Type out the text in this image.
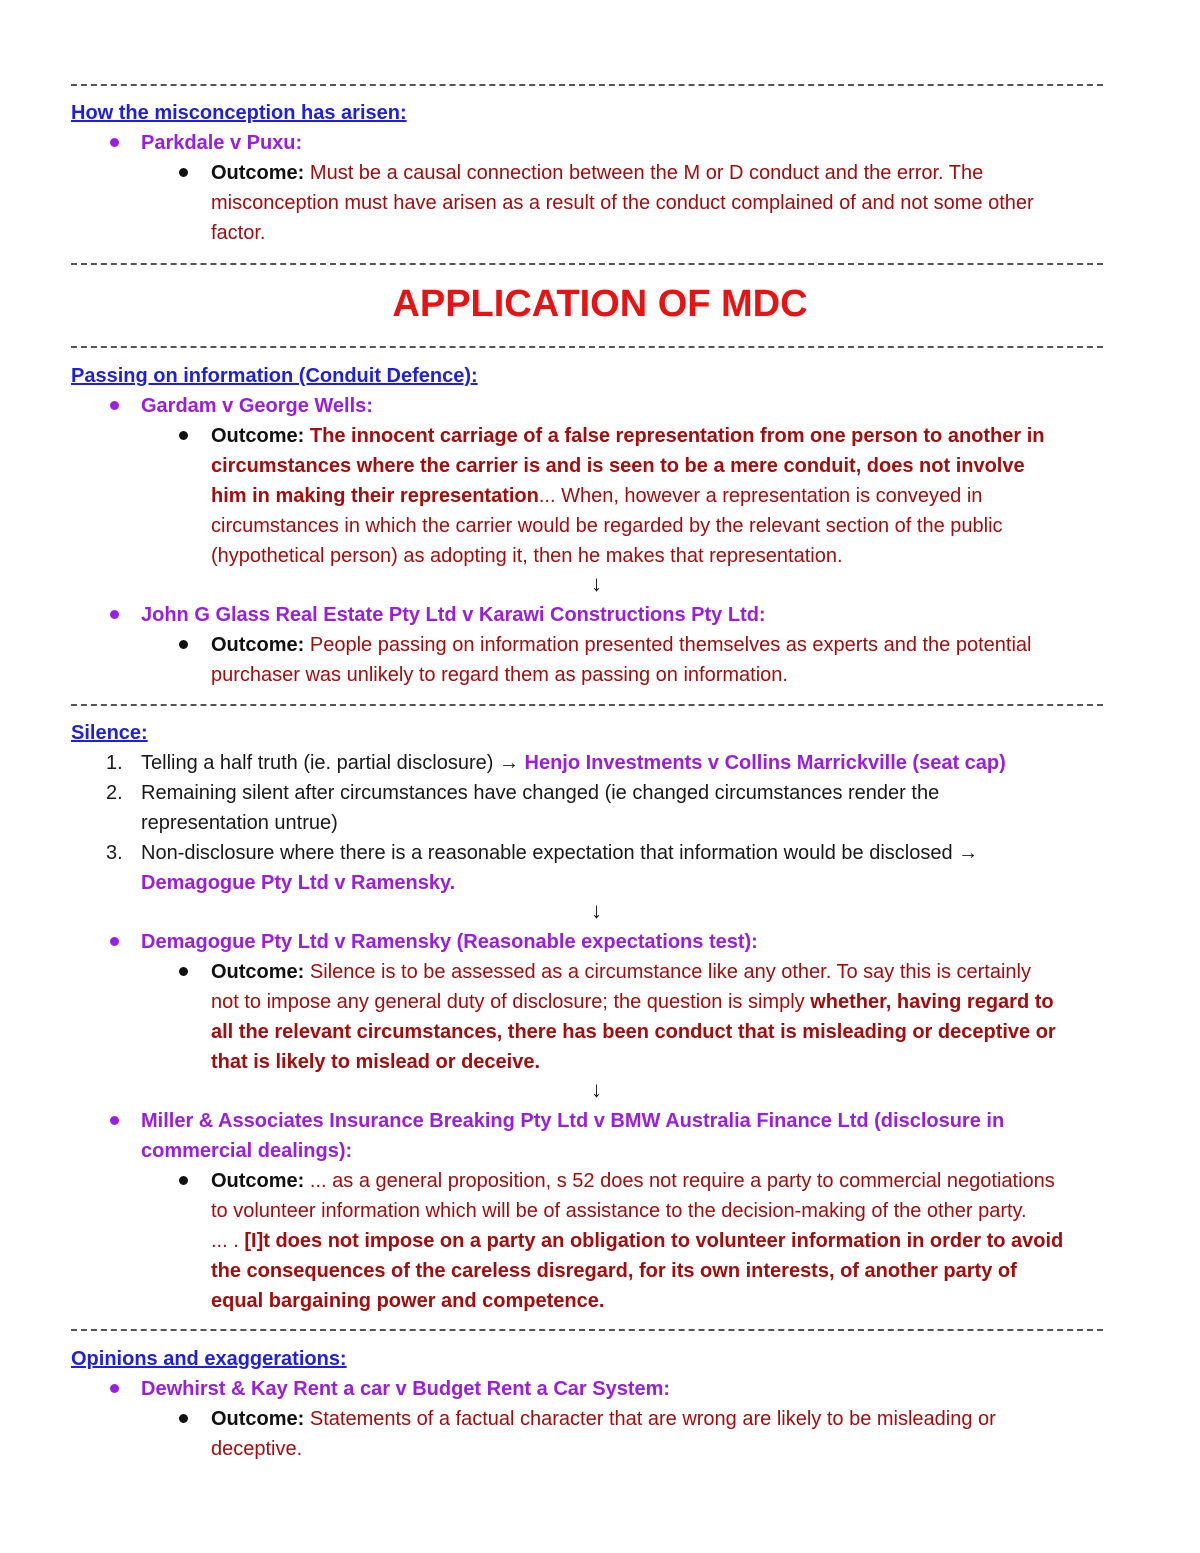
How the misconception has arisen:
Parkdale v Puxu:
Outcome: Must be a causal connection between the M or D conduct and the error. The
misconception must have arisen as a result of the conduct complained of and not some other
factor.
APPLICATION OF MDC
Passing on information (Conduit Defence):
Gardam v George Wells:
Outcome: The innocent carriage of a false representation from one person to another in
circumstances where the carrier is and is seen to be a mere conduit, does not involve
him in making their representation... When, however a representation is conveyed in
circumstances in which the carrier would be regarded by the relevant section of the public
(hypothetical person) as adopting it, then he makes that representation.
↓
John G Glass Real Estate Pty Ltd v Karawi Constructions Pty Ltd:
Outcome: People passing on information presented themselves as experts and the potential
purchaser was unlikely to regard them as passing on information.
Silence:
1. Telling a half truth (ie. partial disclosure) → Henjo Investments v Collins Marrickville (seat cap)
2. Remaining silent after circumstances have changed (ie changed circumstances render the
representation untrue)
3. Non-disclosure where there is a reasonable expectation that information would be disclosed →
Demagogue Pty Ltd v Ramensky.
↓
Demagogue Pty Ltd v Ramensky (Reasonable expectations test):
Outcome: Silence is to be assessed as a circumstance like any other. To say this is certainly
not to impose any general duty of disclosure; the question is simply whether, having regard to
all the relevant circumstances, there has been conduct that is misleading or deceptive or
that is likely to mislead or deceive.
↓
Miller & Associates Insurance Breaking Pty Ltd v BMW Australia Finance Ltd (disclosure in
commercial dealings):
Outcome: ... as a general proposition, s 52 does not require a party to commercial negotiations
to volunteer information which will be of assistance to the decision-making of the other party.
... . [I]t does not impose on a party an obligation to volunteer information in order to avoid
the consequences of the careless disregard, for its own interests, of another party of
equal bargaining power and competence.
Opinions and exaggerations:
Dewhirst & Kay Rent a car v Budget Rent a Car System:
Outcome: Statements of a factual character that are wrong are likely to be misleading or
deceptive.
